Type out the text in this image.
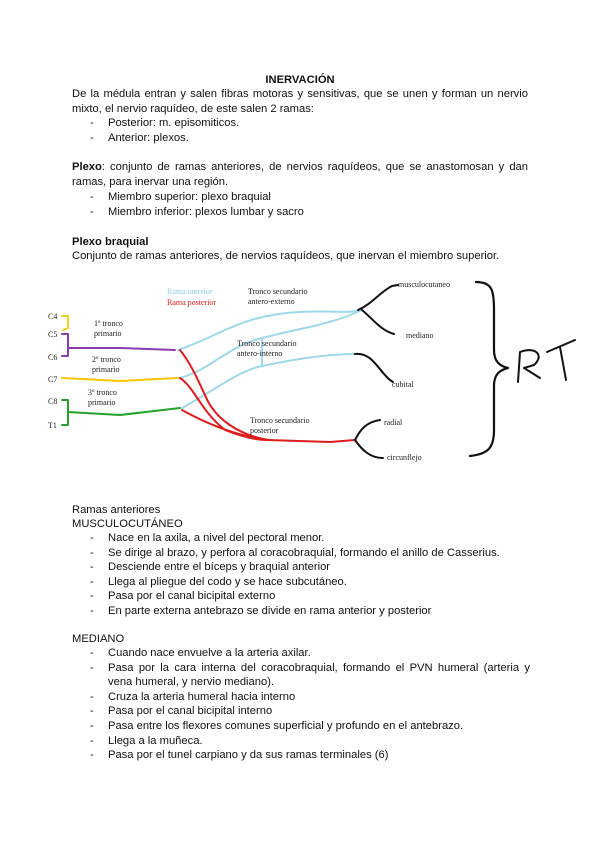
INERVACIÓN
De la médula entran y salen fibras motoras y sensitivas, que se unen y forman un nervio mixto, el nervio raquídeo, de este salen 2 ramas:
- Posterior: m. episomiticos.
- Anterior: plexos.
Plexo: conjunto de ramas anteriores, de nervios raquídeos, que se anastomosan y dan ramas, para inervar una región.
- Miembro superior: plexo braquial
- Miembro inferior: plexos lumbar y sacro
Plexo braquial
Conjunto de ramas anteriores, de nervios raquídeos, que inervan el miembro superior.
C4
C5
C6
C7
C8
T1
Rama anterior
Rama posterior
1º tronco
primario
2º tronco
primario
3º tronco
primario
Tronco secundario
antero-externo
Tronco secundario
antero-interno
Tronco secundario
posterior
musculocutaneo
mediano
cubital
radial
circunflejo
Ramas anteriores
MUSCULOCUTÁNEO
- Nace en la axila, a nivel del pectoral menor.
- Se dirige al brazo, y perfora al coracobraquial, formando el anillo de Casserius.
- Desciende entre el bíceps y braquial anterior
- Llega al pliegue del codo y se hace subcutáneo.
- Pasa por el canal bicipital externo
- En parte externa antebrazo se divide en rama anterior y posterior
MEDIANO
- Cuando nace envuelve a la arteria axilar.
- Pasa por la cara interna del coracobraquial, formando el PVN humeral (arteria y vena humeral, y nervio mediano).
- Cruza la arteria humeral hacia interno
- Pasa por el canal bicipital interno
- Pasa entre los flexores comunes superficial y profundo en el antebrazo.
- Llega a la muñeca.
- Pasa por el tunel carpiano y da sus ramas terminales (6)
